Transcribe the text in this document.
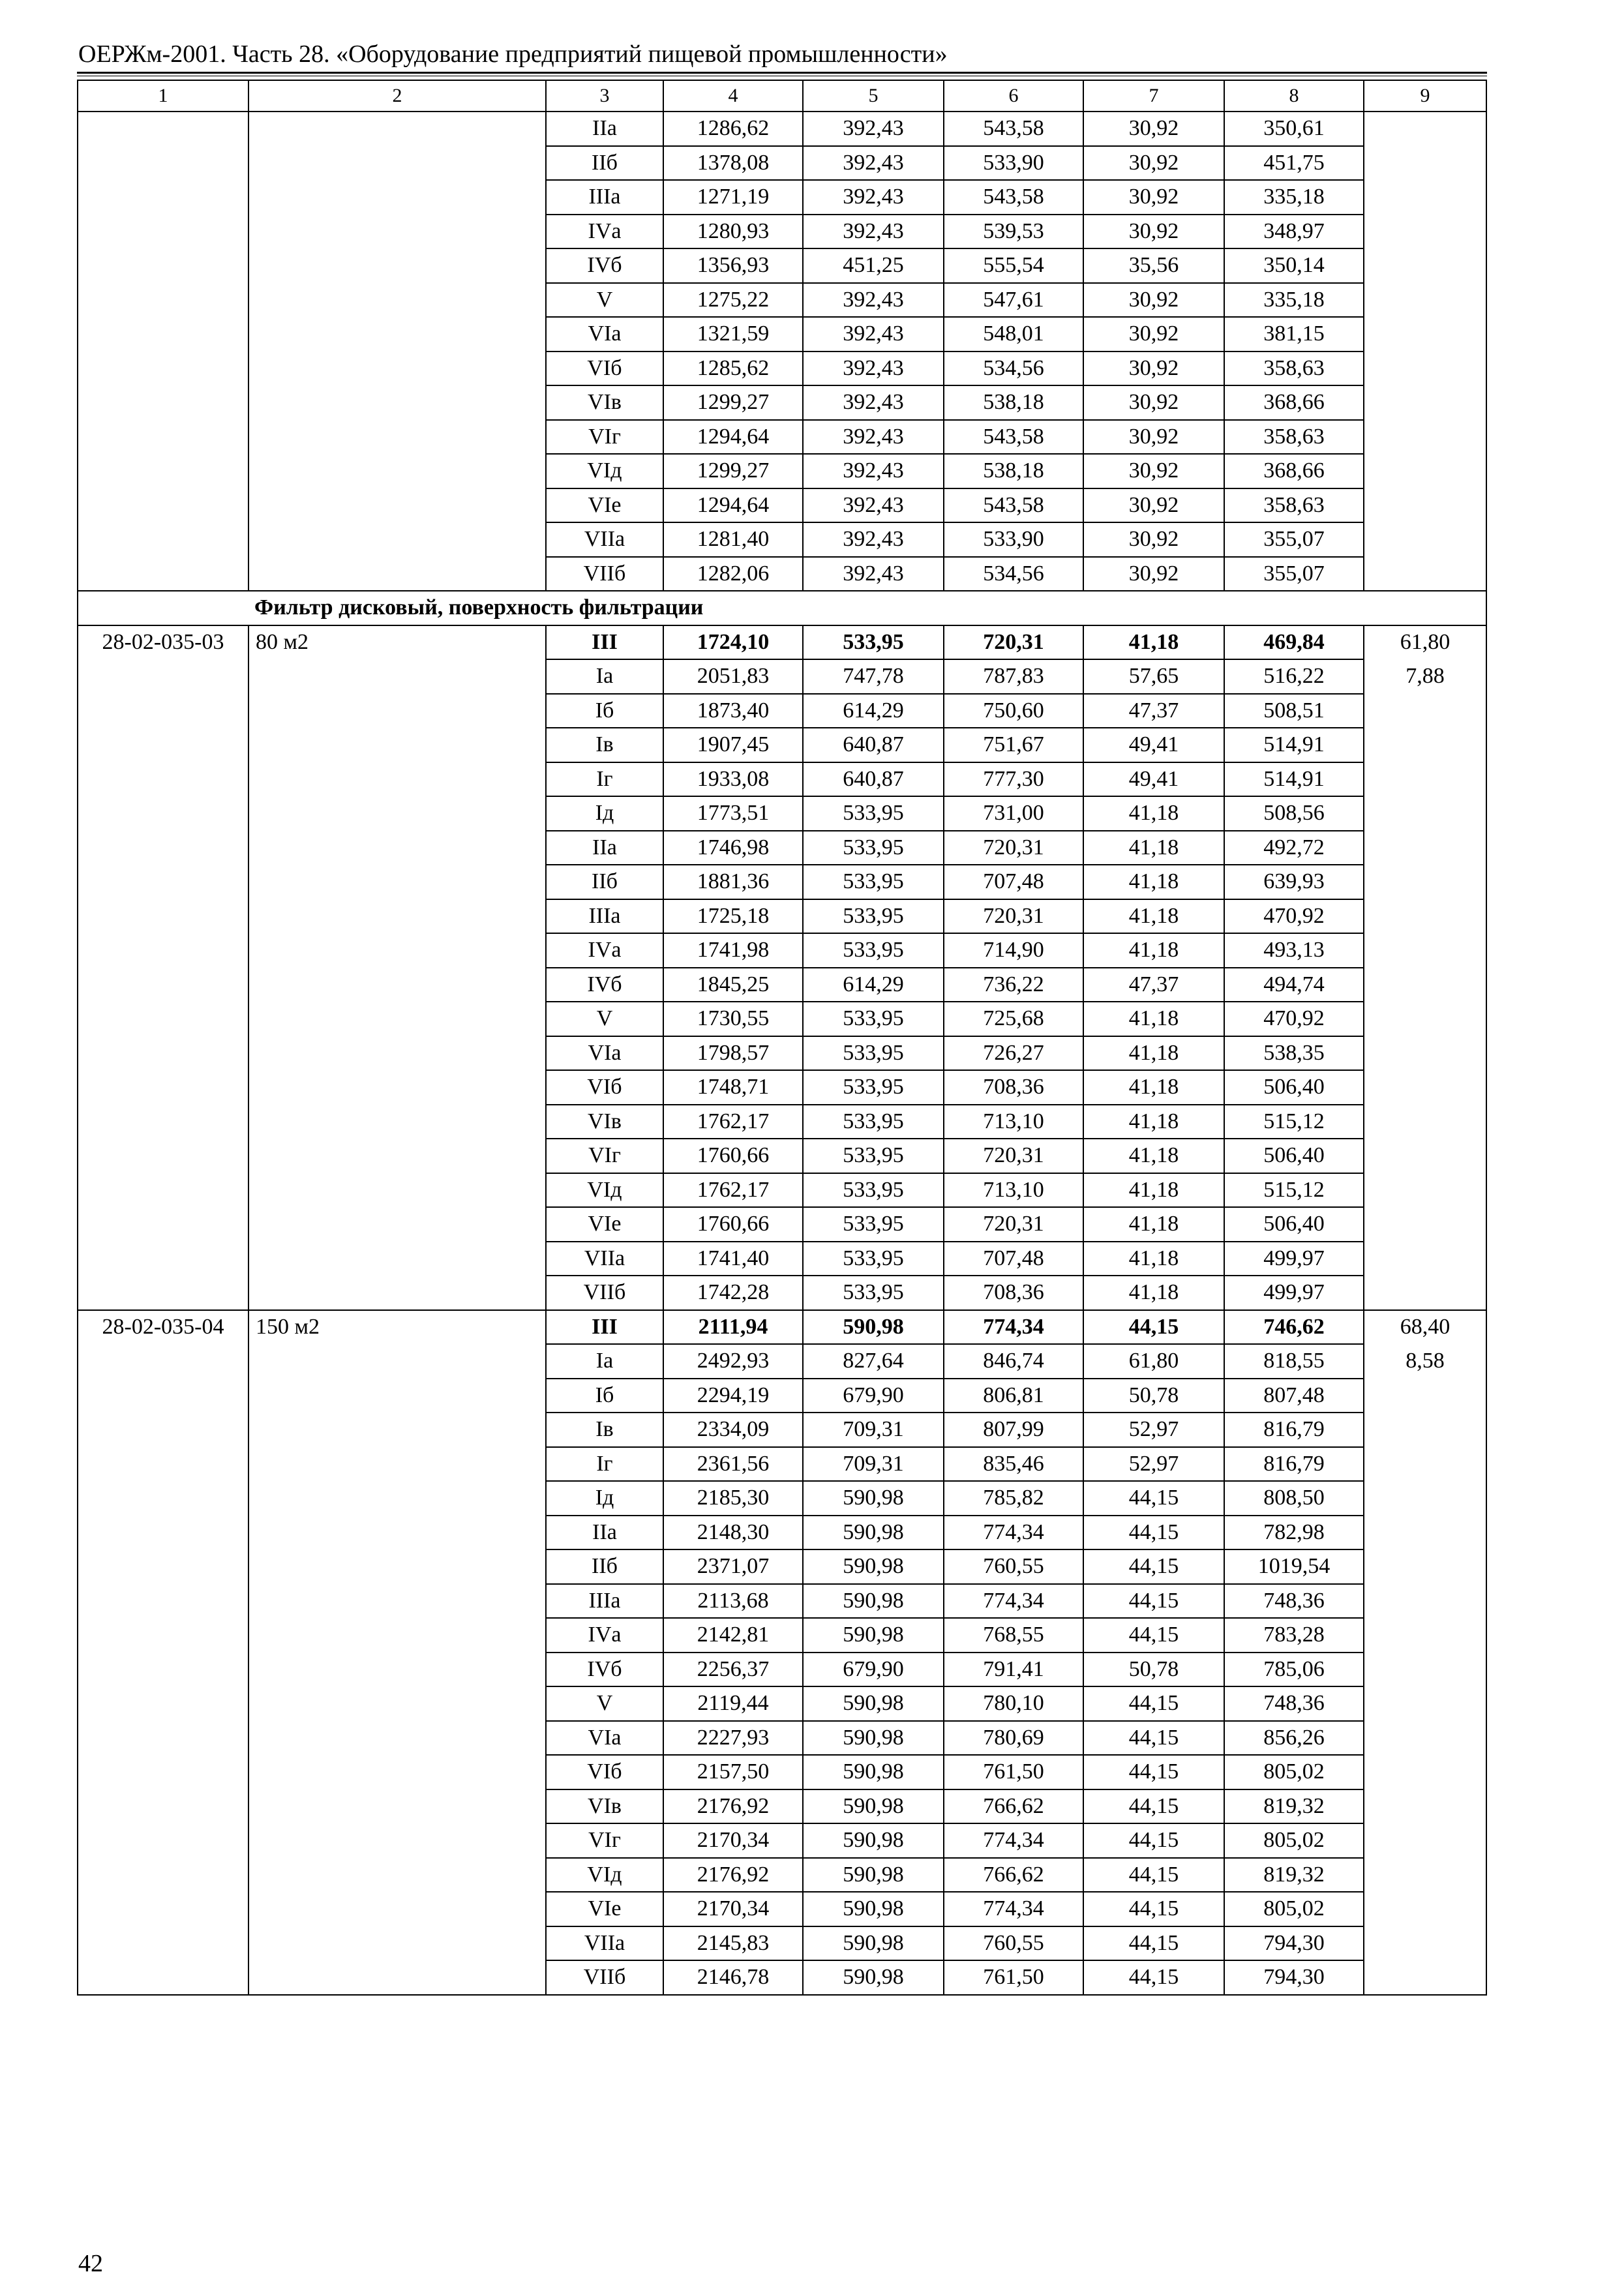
ОЕРЖм-2001. Часть 28. «Оборудование предприятий пищевой промышленности»
1	2	3	4	5	6	7	8	9
		IIа	1286,62	392,43	543,58	30,92	350,61	
		IIб	1378,08	392,43	533,90	30,92	451,75	
		IIIа	1271,19	392,43	543,58	30,92	335,18	
		IVа	1280,93	392,43	539,53	30,92	348,97	
		IVб	1356,93	451,25	555,54	35,56	350,14	
		V	1275,22	392,43	547,61	30,92	335,18	
		VIа	1321,59	392,43	548,01	30,92	381,15	
		VIб	1285,62	392,43	534,56	30,92	358,63	
		VIв	1299,27	392,43	538,18	30,92	368,66	
		VIг	1294,64	392,43	543,58	30,92	358,63	
		VIд	1299,27	392,43	538,18	30,92	368,66	
		VIе	1294,64	392,43	543,58	30,92	358,63	
		VIIа	1281,40	392,43	533,90	30,92	355,07	
		VIIб	1282,06	392,43	534,56	30,92	355,07	
Фильтр дисковый, поверхность фильтрации								
28-02-035-03	80 м2	III	1724,10	533,95	720,31	41,18	469,84	61,80
		Iа	2051,83	747,78	787,83	57,65	516,22	7,88
		Iб	1873,40	614,29	750,60	47,37	508,51	
		Iв	1907,45	640,87	751,67	49,41	514,91	
		Iг	1933,08	640,87	777,30	49,41	514,91	
		Iд	1773,51	533,95	731,00	41,18	508,56	
		IIа	1746,98	533,95	720,31	41,18	492,72	
		IIб	1881,36	533,95	707,48	41,18	639,93	
		IIIа	1725,18	533,95	720,31	41,18	470,92	
		IVа	1741,98	533,95	714,90	41,18	493,13	
		IVб	1845,25	614,29	736,22	47,37	494,74	
		V	1730,55	533,95	725,68	41,18	470,92	
		VIа	1798,57	533,95	726,27	41,18	538,35	
		VIб	1748,71	533,95	708,36	41,18	506,40	
		VIв	1762,17	533,95	713,10	41,18	515,12	
		VIг	1760,66	533,95	720,31	41,18	506,40	
		VIд	1762,17	533,95	713,10	41,18	515,12	
		VIе	1760,66	533,95	720,31	41,18	506,40	
		VIIа	1741,40	533,95	707,48	41,18	499,97	
		VIIб	1742,28	533,95	708,36	41,18	499,97	
28-02-035-04	150 м2	III	2111,94	590,98	774,34	44,15	746,62	68,40
		Iа	2492,93	827,64	846,74	61,80	818,55	8,58
		Iб	2294,19	679,90	806,81	50,78	807,48	
		Iв	2334,09	709,31	807,99	52,97	816,79	
		Iг	2361,56	709,31	835,46	52,97	816,79	
		Iд	2185,30	590,98	785,82	44,15	808,50	
		IIа	2148,30	590,98	774,34	44,15	782,98	
		IIб	2371,07	590,98	760,55	44,15	1019,54	
		IIIа	2113,68	590,98	774,34	44,15	748,36	
		IVа	2142,81	590,98	768,55	44,15	783,28	
		IVб	2256,37	679,90	791,41	50,78	785,06	
		V	2119,44	590,98	780,10	44,15	748,36	
		VIа	2227,93	590,98	780,69	44,15	856,26	
		VIб	2157,50	590,98	761,50	44,15	805,02	
		VIв	2176,92	590,98	766,62	44,15	819,32	
		VIг	2170,34	590,98	774,34	44,15	805,02	
		VIд	2176,92	590,98	766,62	44,15	819,32	
		VIе	2170,34	590,98	774,34	44,15	805,02	
		VIIа	2145,83	590,98	760,55	44,15	794,30	
		VIIб	2146,78	590,98	761,50	44,15	794,30	
42
